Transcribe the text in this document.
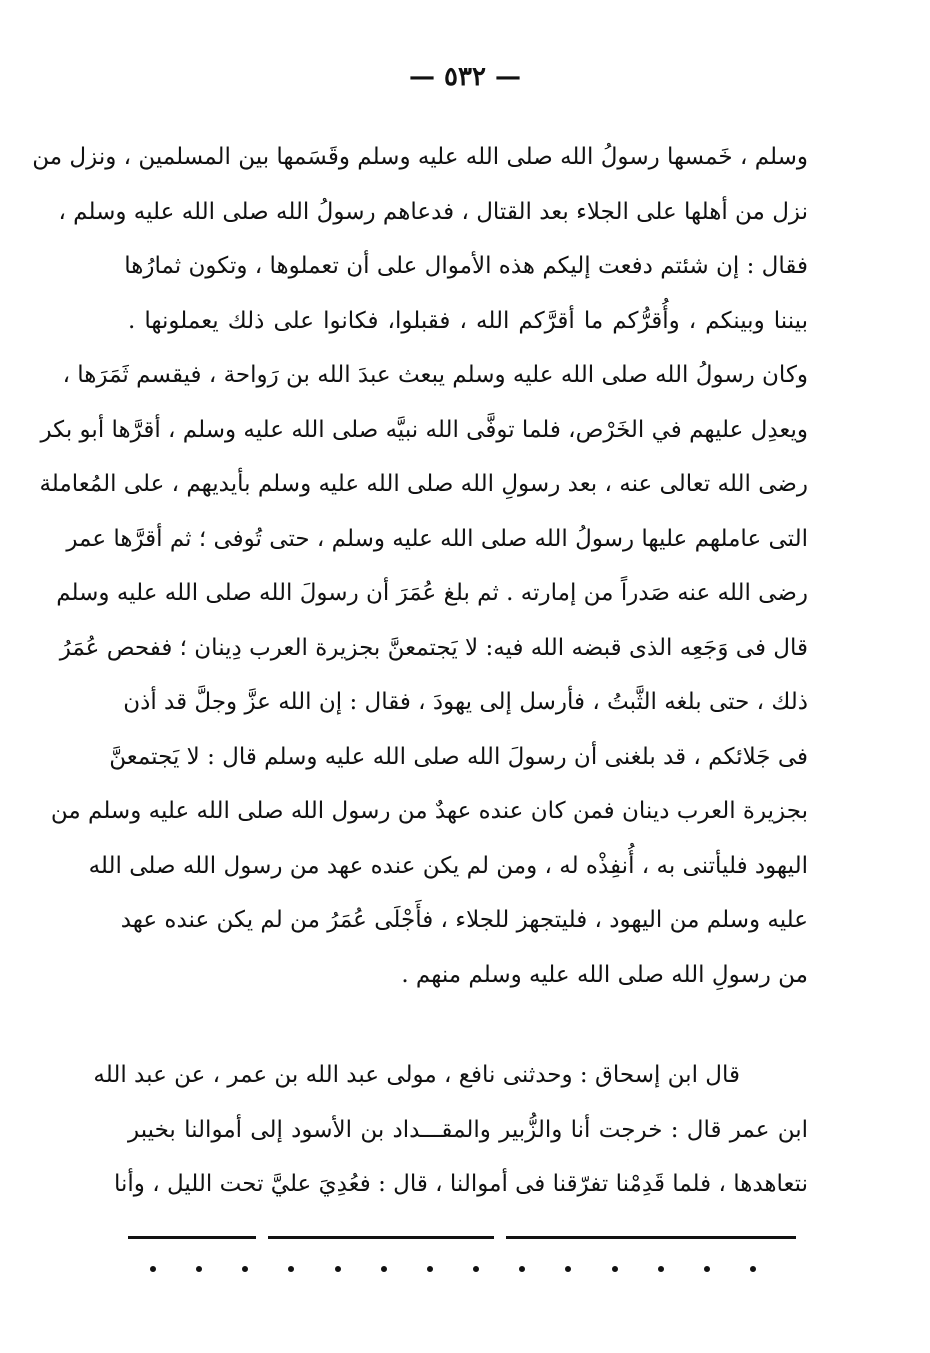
— ٥٣٢ —
وسلم ، خَمسها رسولُ الله صلى الله عليه وسلم وقَسَمها بين المسلمين ، ونزل من
نزل من أهلها على الجلاء بعد القتال ، فدعاهم رسولُ الله صلى الله عليه وسلم ،
فقال : إن شئتم دفعت إليكم هذه الأموال على أن تعملوها ، وتكون ثمارُها
بيننا وبينكم ، وأُقرُّكم ما أقرَّكم الله ، فقبلوا، فكانوا على ذلك يعملونها .
وكان رسولُ الله صلى الله عليه وسلم يبعث عبدَ الله بن رَواحة ، فيقسم ثَمَرَها ،
ويعدِل عليهم في الخَرْص، فلما توفَّى الله نبيَّه صلى الله عليه وسلم ، أقرَّها أبو بكر
رضى الله تعالى عنه ، بعد رسولِ الله صلى الله عليه وسلم بأيديهم ، على المُعاملة
التى عاملهم عليها رسولُ الله صلى الله عليه وسلم ، حتى تُوفى ؛ ثم أقرَّها عمر
رضى الله عنه صَدراً من إمارته . ثم بلغ عُمَرَ أن رسولَ الله صلى الله عليه وسلم
قال فى وَجَعِه الذى قبضه الله فيه: لا يَجتمعنَّ بجزيرة العرب دِينان ؛ ففحص عُمَرُ
ذلك ، حتى بلغه الثَّبتُ ، فأرسل إلى يهودَ ، فقال : إن الله عزَّ وجلَّ قد أذن
فى جَلائكم ، قد بلغنى أن رسولَ الله صلى الله عليه وسلم قال : لا يَجتمعنَّ
بجزيرة العرب دينان فمن كان عنده عهدٌ من رسول الله صلى الله عليه وسلم من
اليهود فليأتنى به ، أُنفِذْه له ، ومن لم يكن عنده عهد من رسول الله صلى الله
عليه وسلم من اليهود ، فليتجهز للجلاء ، فأَجْلَى عُمَرُ من لم يكن عنده عهد
من رسولِ الله صلى الله عليه وسلم منهم .
قال ابن إسحاق : وحدثنى نافع ، مولى عبد الله بن عمر ، عن عبد الله
ابن عمر قال : خرجت أنا والزُّبير والمقـــداد بن الأسود إلى أموالنا بخيبر
نتعاهدها ، فلما قَدِمْنا تفرّقنا فى أموالنا ، قال : فعُدِيَ عليَّ تحت الليل ، وأنا
